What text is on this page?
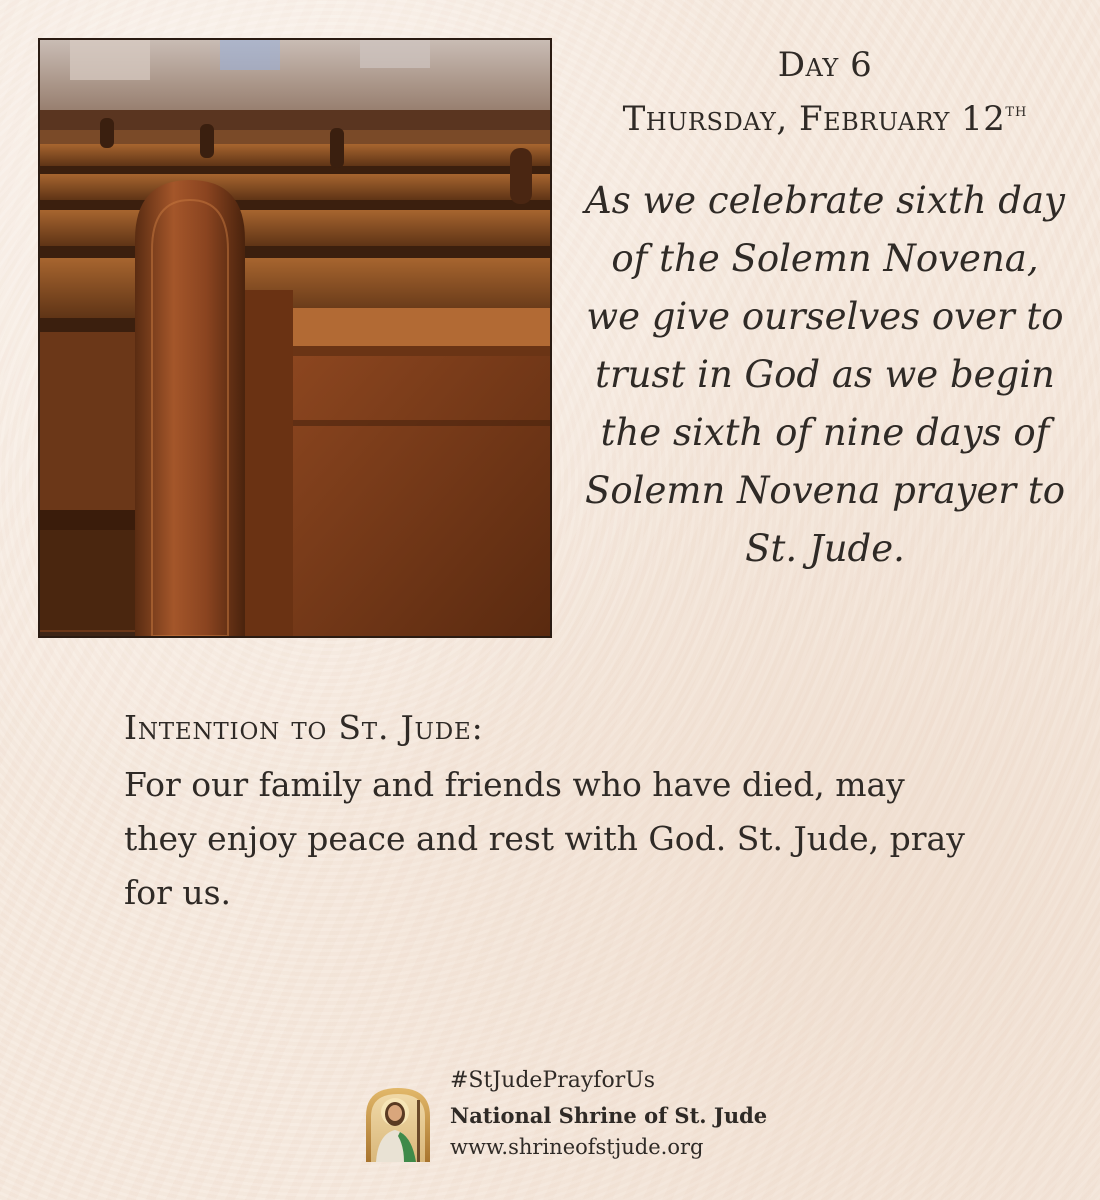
Day 6
Thursday, February 12th
As we celebrate sixth day
of the Solemn Novena,
we give ourselves over to
trust in God as we begin
the sixth of nine days of
Solemn Novena prayer to
St. Jude.
Intention to St. Jude:
For our family and friends who have died, may
they enjoy peace and rest with God. St. Jude, pray
for us.
#StJudePrayforUs
National Shrine of St. Jude
www.shrineofstjude.org
